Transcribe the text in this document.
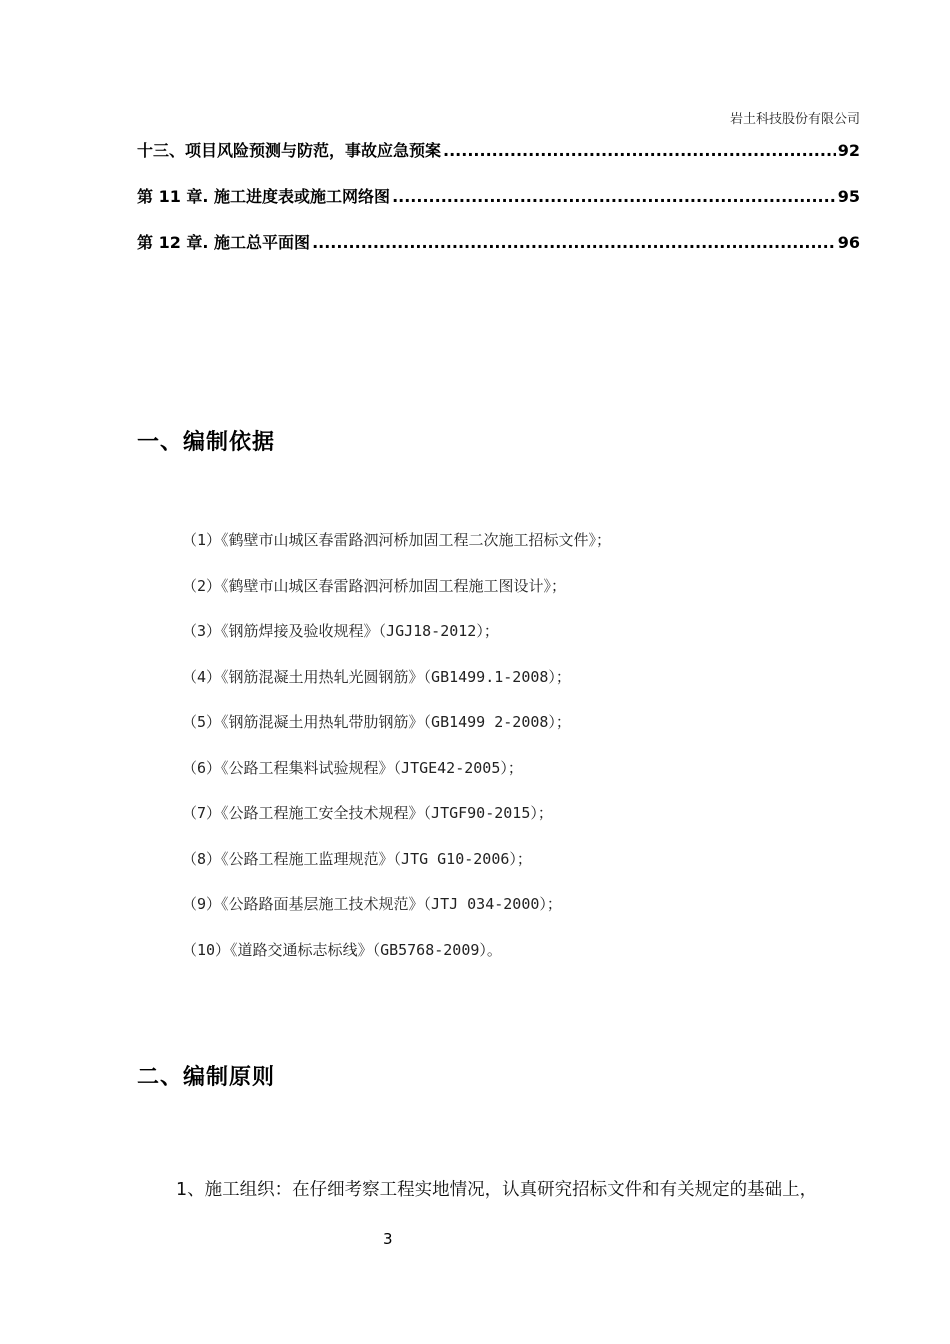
岩土科技股份有限公司
十三、项目风险预测与防范，事故应急预案 .....	92
第 11 章. 施工进度表或施工网络图 .....	95
第 12 章. 施工总平面图 .....	96
一、编制依据
（1）《鹤壁市山城区春雷路泗河桥加固工程二次施工招标文件》；
（2）《鹤壁市山城区春雷路泗河桥加固工程施工图设计》；
（3）《钢筋焊接及验收规程》（JGJ18-2012）；
（4）《钢筋混凝土用热轧光圆钢筋》（GB1499.1-2008）；
（5）《钢筋混凝土用热轧带肋钢筋》（GB1499 2-2008）；
（6）《公路工程集料试验规程》（JTGE42-2005）；
（7）《公路工程施工安全技术规程》（JTGF90-2015）；
（8）《公路工程施工监理规范》（JTG G10-2006）；
（9）《公路路面基层施工技术规范》（JTJ 034-2000）；
（10）《道路交通标志标线》（GB5768-2009）。
二、编制原则
1、施工组织：在仔细考察工程实地情况，认真研究招标文件和有关规定的基础上，
3
